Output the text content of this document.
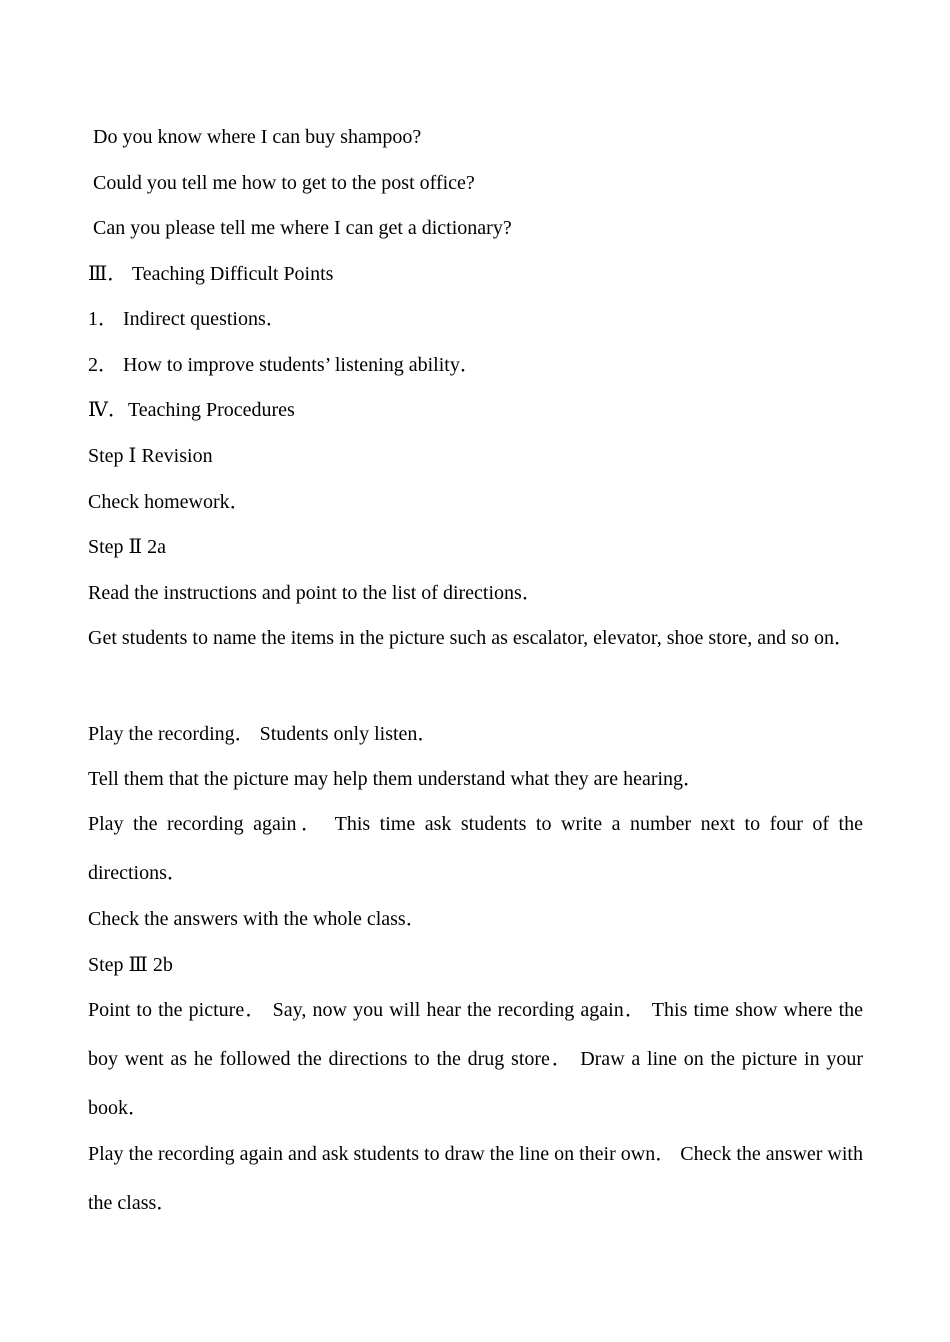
Do you know where I can buy shampoo?
Could you tell me how to get to the post office?
Can you please tell me where I can get a dictionary?
Ⅲ． Teaching Difficult Points
1． Indirect questions．
2． How to improve students’ listening ability．
Ⅳ．Teaching Procedures
Step Ⅰ Revision
Check homework．
Step Ⅱ 2a
Read the instructions and point to the list of directions．

Get students to name the items in the picture such as escalator, elevator, shoe store, and so on．

Play the recording． Students only listen．
Tell them that the picture may help them understand what they are hearing．

Play the recording again． This time ask students to write a number next to four of the directions．

Check the answers with the whole class．
Step Ⅲ 2b

Point to the picture． Say, now you will hear the recording again． This time show where the boy went as he followed the directions to the drug store． Draw a line on the picture in your book．

Play the recording again and ask students to draw the line on their own． Check the answer with the class．
